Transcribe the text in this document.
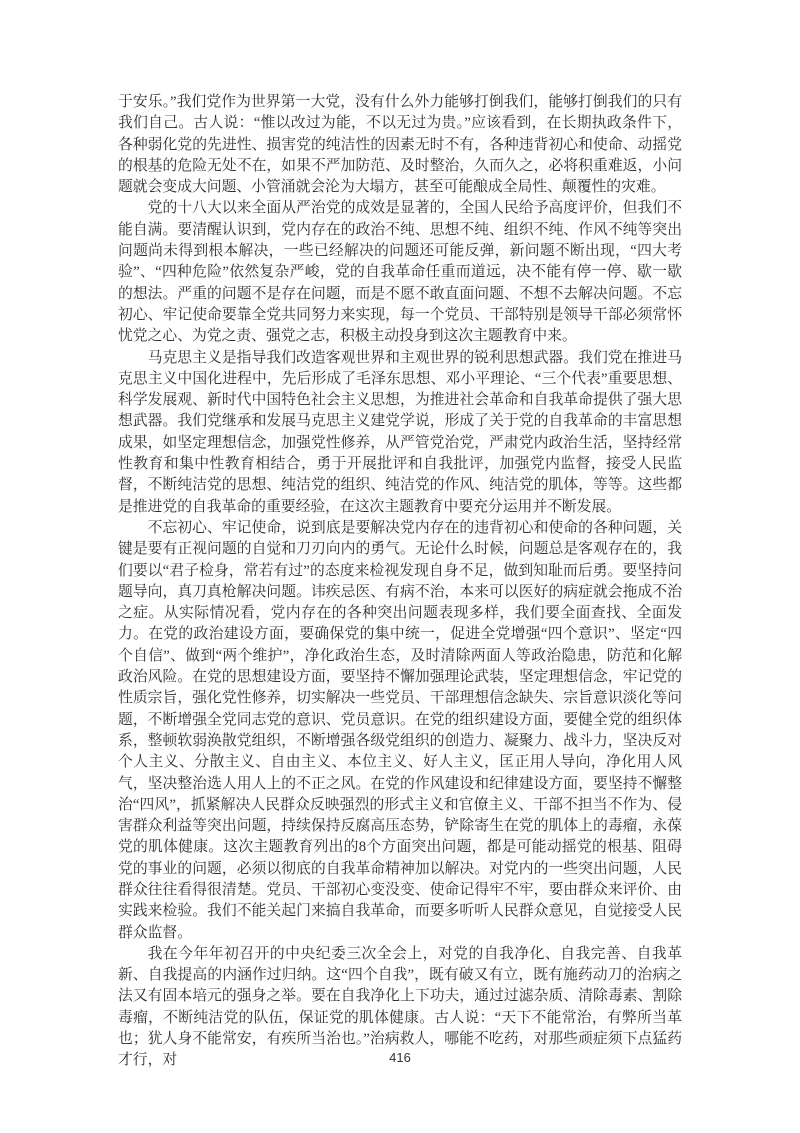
于安乐。”我们党作为世界第一大党，没有什么外力能够打倒我们，能够打倒我们的只有我们自己。古人说：“惟以改过为能，不以无过为贵。”应该看到，在长期执政条件下，各种弱化党的先进性、损害党的纯洁性的因素无时不有，各种违背初心和使命、动摇党的根基的危险无处不在，如果不严加防范、及时整治，久而久之，必将积重难返，小问题就会变成大问题、小管涌就会沦为大塌方，甚至可能酿成全局性、颠覆性的灾难。

党的十八大以来全面从严治党的成效是显著的，全国人民给予高度评价，但我们不能自满。要清醒认识到，党内存在的政治不纯、思想不纯、组织不纯、作风不纯等突出问题尚未得到根本解决，一些已经解决的问题还可能反弹，新问题不断出现，“四大考验”、“四种危险”依然复杂严峻，党的自我革命任重而道远，决不能有停一停、歇一歇的想法。严重的问题不是存在问题，而是不愿不敢直面问题、不想不去解决问题。不忘初心、牢记使命要靠全党共同努力来实现，每一个党员、干部特别是领导干部必须常怀忧党之心、为党之责、强党之志，积极主动投身到这次主题教育中来。

马克思主义是指导我们改造客观世界和主观世界的锐利思想武器。我们党在推进马克思主义中国化进程中，先后形成了毛泽东思想、邓小平理论、“三个代表”重要思想、科学发展观、新时代中国特色社会主义思想，为推进社会革命和自我革命提供了强大思想武器。我们党继承和发展马克思主义建党学说，形成了关于党的自我革命的丰富思想成果，如坚定理想信念，加强党性修养，从严管党治党，严肃党内政治生活，坚持经常性教育和集中性教育相结合，勇于开展批评和自我批评，加强党内监督，接受人民监督，不断纯洁党的思想、纯洁党的组织、纯洁党的作风、纯洁党的肌体，等等。这些都是推进党的自我革命的重要经验，在这次主题教育中要充分运用并不断发展。

不忘初心、牢记使命，说到底是要解决党内存在的违背初心和使命的各种问题，关键是要有正视问题的自觉和刀刃向内的勇气。无论什么时候，问题总是客观存在的，我们要以“君子检身，常若有过”的态度来检视发现自身不足，做到知耻而后勇。要坚持问题导向，真刀真枪解决问题。讳疾忌医、有病不治，本来可以医好的病症就会拖成不治之症。从实际情况看，党内存在的各种突出问题表现多样，我们要全面查找、全面发力。在党的政治建设方面，要确保党的集中统一，促进全党增强“四个意识”、坚定“四个自信”、做到“两个维护”，净化政治生态，及时清除两面人等政治隐患，防范和化解政治风险。在党的思想建设方面，要坚持不懈加强理论武装，坚定理想信念，牢记党的性质宗旨，强化党性修养，切实解决一些党员、干部理想信念缺失、宗旨意识淡化等问题，不断增强全党同志党的意识、党员意识。在党的组织建设方面，要健全党的组织体系，整顿软弱涣散党组织，不断增强各级党组织的创造力、凝聚力、战斗力，坚决反对个人主义、分散主义、自由主义、本位主义、好人主义，匡正用人导向，净化用人风气，坚决整治选人用人上的不正之风。在党的作风建设和纪律建设方面，要坚持不懈整治“四风”，抓紧解决人民群众反映强烈的形式主义和官僚主义、干部不担当不作为、侵害群众利益等突出问题，持续保持反腐高压态势，铲除寄生在党的肌体上的毒瘤，永葆党的肌体健康。这次主题教育列出的8个方面突出问题，都是可能动摇党的根基、阻碍党的事业的问题，必须以彻底的自我革命精神加以解决。对党内的一些突出问题，人民群众往往看得很清楚。党员、干部初心变没变、使命记得牢不牢，要由群众来评价、由实践来检验。我们不能关起门来搞自我革命，而要多听听人民群众意见，自觉接受人民群众监督。

我在今年年初召开的中央纪委三次全会上，对党的自我净化、自我完善、自我革新、自我提高的内涵作过归纳。这“四个自我”，既有破又有立，既有施药动刀的治病之法又有固本培元的强身之举。要在自我净化上下功夫，通过过滤杂质、清除毒素、割除毒瘤，不断纯洁党的队伍，保证党的肌体健康。古人说：“天下不能常治，有弊所当革也；犹人身不能常安，有疾所当治也。”治病救人，哪能不吃药，对那些顽症须下点猛药才行，对	416
